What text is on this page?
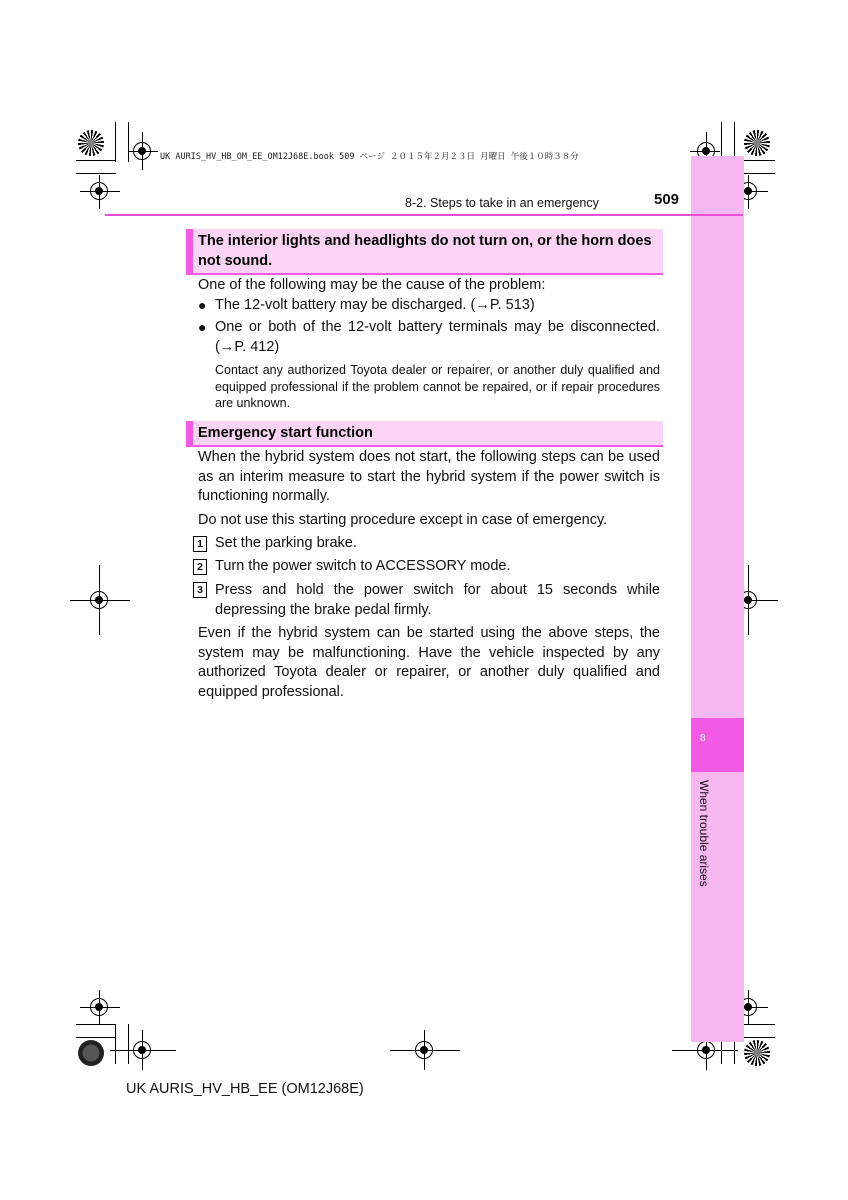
8
When trouble arises
UK AURIS_HV_HB_OM_EE_OM12J68E.book 509 ページ ２０１５年２月２３日 月曜日 午後１０時３８分
8-2. Steps to take in an emergency	509
The interior lights and headlights do not turn on, or the horn does not sound.
One of the following may be the cause of the problem:
● The 12-volt battery may be discharged. (→P. 513)
● One or both of the 12-volt battery terminals may be disconnected. (→P. 412)
Contact any authorized Toyota dealer or repairer, or another duly qualified and equipped professional if the problem cannot be repaired, or if repair procedures are unknown.
Emergency start function
When the hybrid system does not start, the following steps can be used as an interim measure to start the hybrid system if the power switch is functioning normally.
Do not use this starting procedure except in case of emergency.
1 Set the parking brake.
2 Turn the power switch to ACCESSORY mode.
3 Press and hold the power switch for about 15 seconds while depressing the brake pedal firmly.
Even if the hybrid system can be started using the above steps, the system may be malfunctioning. Have the vehicle inspected by any authorized Toyota dealer or repairer, or another duly qualified and equipped professional.
UK AURIS_HV_HB_EE (OM12J68E)
